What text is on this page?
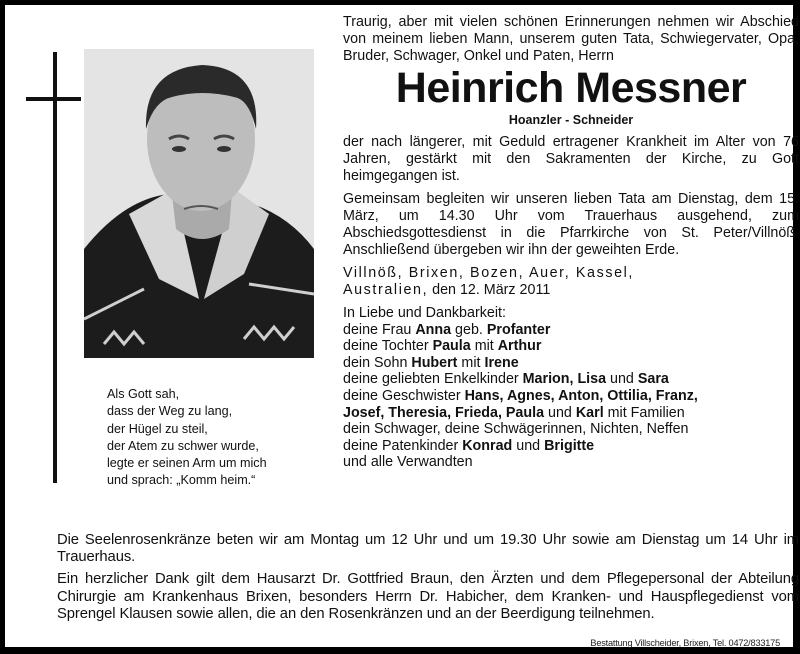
Als Gott sah,
dass der Weg zu lang,
der Hügel zu steil,
der Atem zu schwer wurde,
legte er seinen Arm um mich
und sprach: „Komm heim.“

Traurig, aber mit vielen schönen Erinnerungen nehmen wir Abschied von meinem lieben Mann, unserem guten Tata, Schwiegervater, Opa, Bruder, Schwager, Onkel und Paten, Herrn

Heinrich Messner
Hoanzler - Schneider

der nach längerer, mit Geduld ertragener Krankheit im Alter von 76 Jahren, gestärkt mit den Sakramenten der Kirche, zu Gott heimgegangen ist.

Gemeinsam begleiten wir unseren lieben Tata am Dienstag, dem 15. März, um 14.30 Uhr vom Trauerhaus ausgehend, zum Abschiedsgottesdienst in die Pfarrkirche von St. Peter/Villnöß. Anschließend übergeben wir ihn der geweihten Erde.

Villnöß, Brixen, Bozen, Auer, Kassel,
Australien, den 12. März 2011
In Liebe und Dankbarkeit:
deine Frau Anna geb. Profanter
deine Tochter Paula mit Arthur
dein Sohn Hubert mit Irene
deine geliebten Enkelkinder Marion, Lisa und Sara
deine Geschwister Hans, Agnes, Anton, Ottilia, Franz,
Josef, Theresia, Frieda, Paula und Karl mit Familien
dein Schwager, deine Schwägerinnen, Nichten, Neffen
deine Patenkinder Konrad und Brigitte
und alle Verwandten

Die Seelenrosenkränze beten wir am Montag um 12 Uhr und um 19.30 Uhr sowie am Dienstag um 14 Uhr im Trauerhaus.

Ein herzlicher Dank gilt dem Hausarzt Dr. Gottfried Braun, den Ärzten und dem Pflegepersonal der Abteilung Chirurgie am Krankenhaus Brixen, besonders Herrn Dr. Habicher, dem Kranken- und Hauspflegedienst vom Sprengel Klausen sowie allen, die an den Rosenkränzen und an der Beerdigung teilnehmen.

Bestattung Villscheider, Brixen, Tel. 0472/833175
